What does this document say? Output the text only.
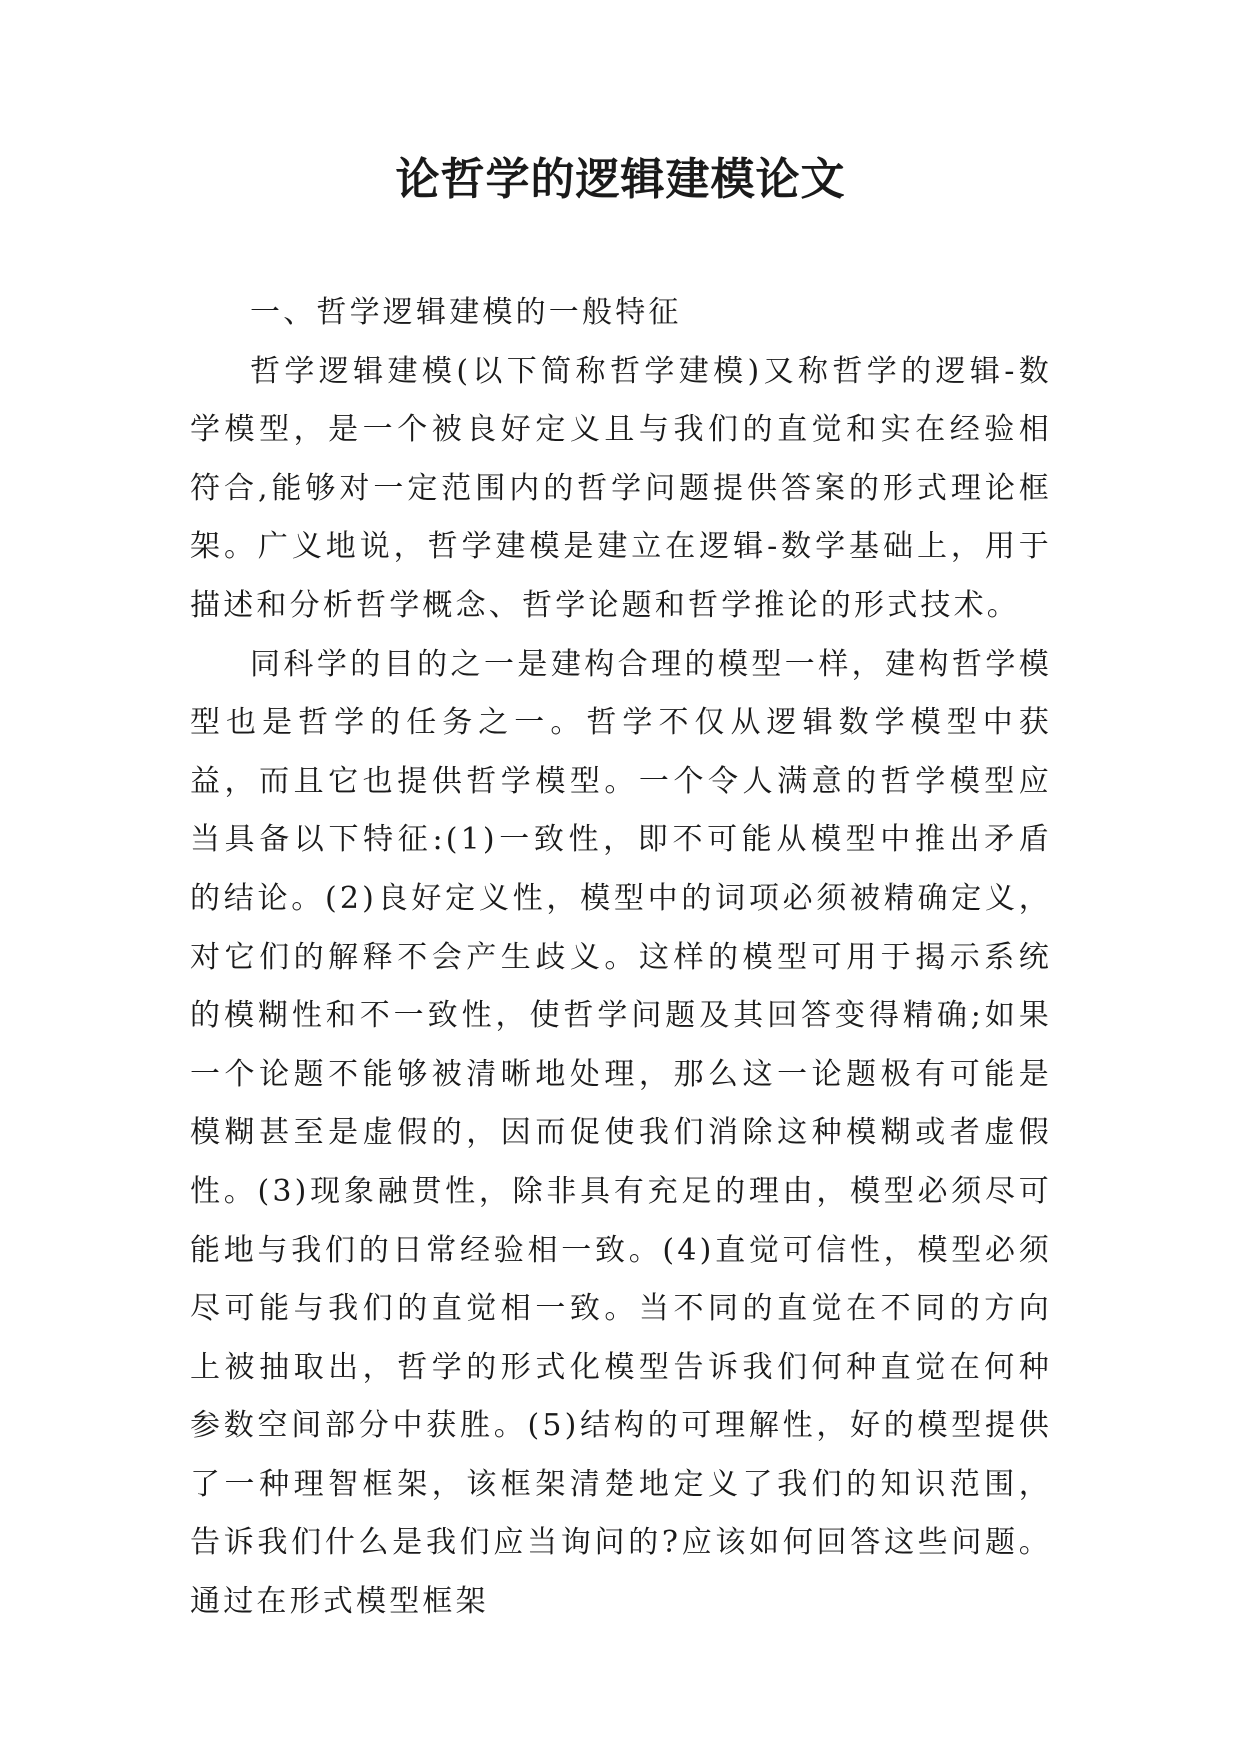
论哲学的逻辑建模论文

一、哲学逻辑建模的一般特征

哲学逻辑建模(以下简称哲学建模)又称哲学的逻辑-数学模型，是一个被良好定义且与我们的直觉和实在经验相符合,能够对一定范围内的哲学问题提供答案的形式理论框架。广义地说，哲学建模是建立在逻辑-数学基础上，用于描述和分析哲学概念、哲学论题和哲学推论的形式技术。

同科学的目的之一是建构合理的模型一样，建构哲学模型也是哲学的任务之一。哲学不仅从逻辑数学模型中获益，而且它也提供哲学模型。一个令人满意的哲学模型应当具备以下特征:(1)一致性，即不可能从模型中推出矛盾的结论。(2)良好定义性，模型中的词项必须被精确定义，对它们的解释不会产生歧义。这样的模型可用于揭示系统的模糊性和不一致性，使哲学问题及其回答变得精确;如果一个论题不能够被清晰地处理，那么这一论题极有可能是模糊甚至是虚假的，因而促使我们消除这种模糊或者虚假性。(3)现象融贯性，除非具有充足的理由，模型必须尽可能地与我们的日常经验相一致。(4)直觉可信性，模型必须尽可能与我们的直觉相一致。当不同的直觉在不同的方向上被抽取出，哲学的形式化模型告诉我们何种直觉在何种参数空间部分中获胜。(5)结构的可理解性，好的模型提供了一种理智框架，该框架清楚地定义了我们的知识范围，告诉我们什么是我们应当询问的?应该如何回答这些问题。通过在形式模型框架
